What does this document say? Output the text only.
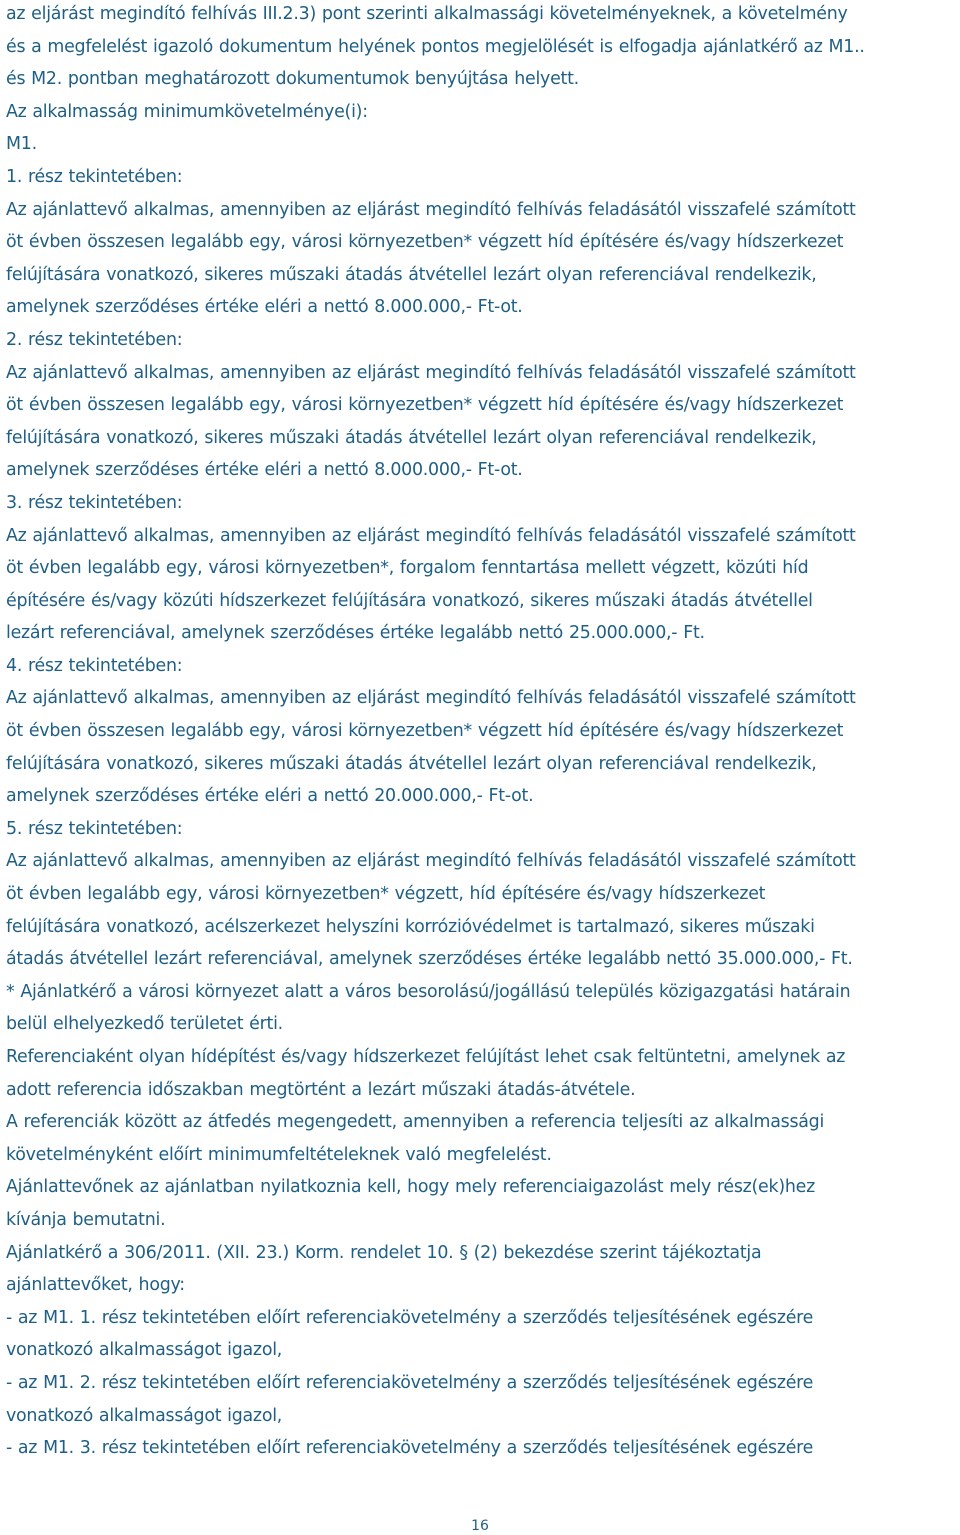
az eljárást megindító felhívás III.2.3) pont szerinti alkalmassági követelményeknek, a követelmény
és a megfelelést igazoló dokumentum helyének pontos megjelölését is elfogadja ajánlatkérő az M1..
és M2. pontban meghatározott dokumentumok benyújtása helyett.
Az alkalmasság minimumkövetelménye(i):
M1.
1. rész tekintetében:
Az ajánlattevő alkalmas, amennyiben az eljárást megindító felhívás feladásától visszafelé számított
öt évben összesen legalább egy, városi környezetben* végzett híd építésére és/vagy hídszerkezet
felújítására vonatkozó, sikeres műszaki átadás átvétellel lezárt olyan referenciával rendelkezik,
amelynek szerződéses értéke eléri a nettó 8.000.000,- Ft-ot.
2. rész tekintetében:
Az ajánlattevő alkalmas, amennyiben az eljárást megindító felhívás feladásától visszafelé számított
öt évben összesen legalább egy, városi környezetben* végzett híd építésére és/vagy hídszerkezet
felújítására vonatkozó, sikeres műszaki átadás átvétellel lezárt olyan referenciával rendelkezik,
amelynek szerződéses értéke eléri a nettó 8.000.000,- Ft-ot.
3. rész tekintetében:
Az ajánlattevő alkalmas, amennyiben az eljárást megindító felhívás feladásától visszafelé számított
öt évben legalább egy, városi környezetben*, forgalom fenntartása mellett végzett, közúti híd
építésére és/vagy közúti hídszerkezet felújítására vonatkozó, sikeres műszaki átadás átvétellel
lezárt referenciával, amelynek szerződéses értéke legalább nettó 25.000.000,- Ft.
4. rész tekintetében:
Az ajánlattevő alkalmas, amennyiben az eljárást megindító felhívás feladásától visszafelé számított
öt évben összesen legalább egy, városi környezetben* végzett híd építésére és/vagy hídszerkezet
felújítására vonatkozó, sikeres műszaki átadás átvétellel lezárt olyan referenciával rendelkezik,
amelynek szerződéses értéke eléri a nettó 20.000.000,- Ft-ot.
5. rész tekintetében:
Az ajánlattevő alkalmas, amennyiben az eljárást megindító felhívás feladásától visszafelé számított
öt évben legalább egy, városi környezetben* végzett, híd építésére és/vagy hídszerkezet
felújítására vonatkozó, acélszerkezet helyszíni korrózióvédelmet is tartalmazó, sikeres műszaki
átadás átvétellel lezárt referenciával, amelynek szerződéses értéke legalább nettó 35.000.000,- Ft.
* Ajánlatkérő a városi környezet alatt a város besorolású/jogállású település közigazgatási határain
belül elhelyezkedő területet érti.
Referenciaként olyan hídépítést és/vagy hídszerkezet felújítást lehet csak feltüntetni, amelynek az
adott referencia időszakban megtörtént a lezárt műszaki átadás-átvétele.
A referenciák között az átfedés megengedett, amennyiben a referencia teljesíti az alkalmassági
követelményként előírt minimumfeltételeknek való megfelelést.
Ajánlattevőnek az ajánlatban nyilatkoznia kell, hogy mely referenciaigazolást mely rész(ek)hez
kívánja bemutatni.
Ajánlatkérő a 306/2011. (XII. 23.) Korm. rendelet 10. § (2) bekezdése szerint tájékoztatja
ajánlattevőket, hogy:
- az M1. 1. rész tekintetében előírt referenciakövetelmény a szerződés teljesítésének egészére
vonatkozó alkalmasságot igazol,
- az M1. 2. rész tekintetében előírt referenciakövetelmény a szerződés teljesítésének egészére
vonatkozó alkalmasságot igazol,
- az M1. 3. rész tekintetében előírt referenciakövetelmény a szerződés teljesítésének egészére
16
